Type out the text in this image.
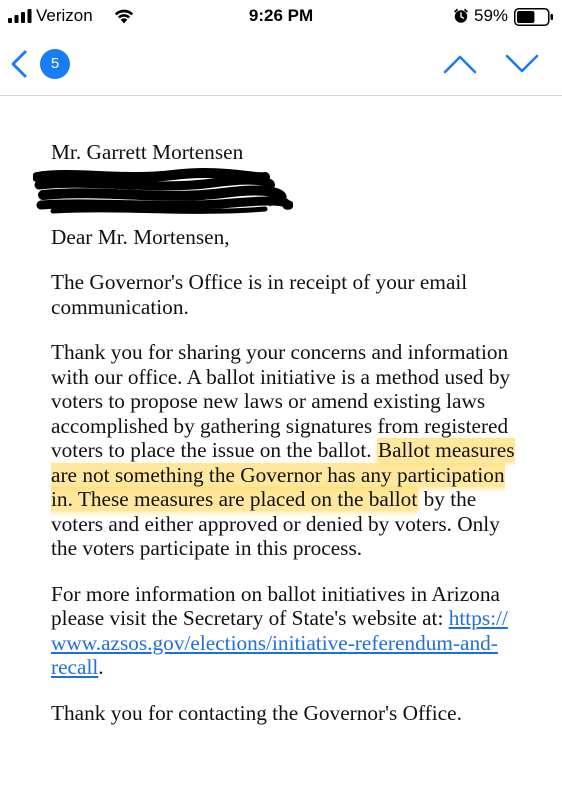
Verizon	9:26 PM	59%
5

Mr. Garrett Mortensen

Dear Mr. Mortensen,

The Governor's Office is in receipt of your email communication.

Thank you for sharing your concerns and information with our office. A ballot initiative is a method used by voters to propose new laws or amend existing laws accomplished by gathering signatures from registered voters to place the issue on the ballot. Ballot measures are not something the Governor has any participation in. These measures are placed on the ballot by the voters and either approved or denied by voters. Only the voters participate in this process.

For more information on ballot initiatives in Arizona please visit the Secretary of State's website at: https:/​/​www.azsos.gov/​elections/​initiative-referendum-and-recall.

Thank you for contacting the Governor's Office.
